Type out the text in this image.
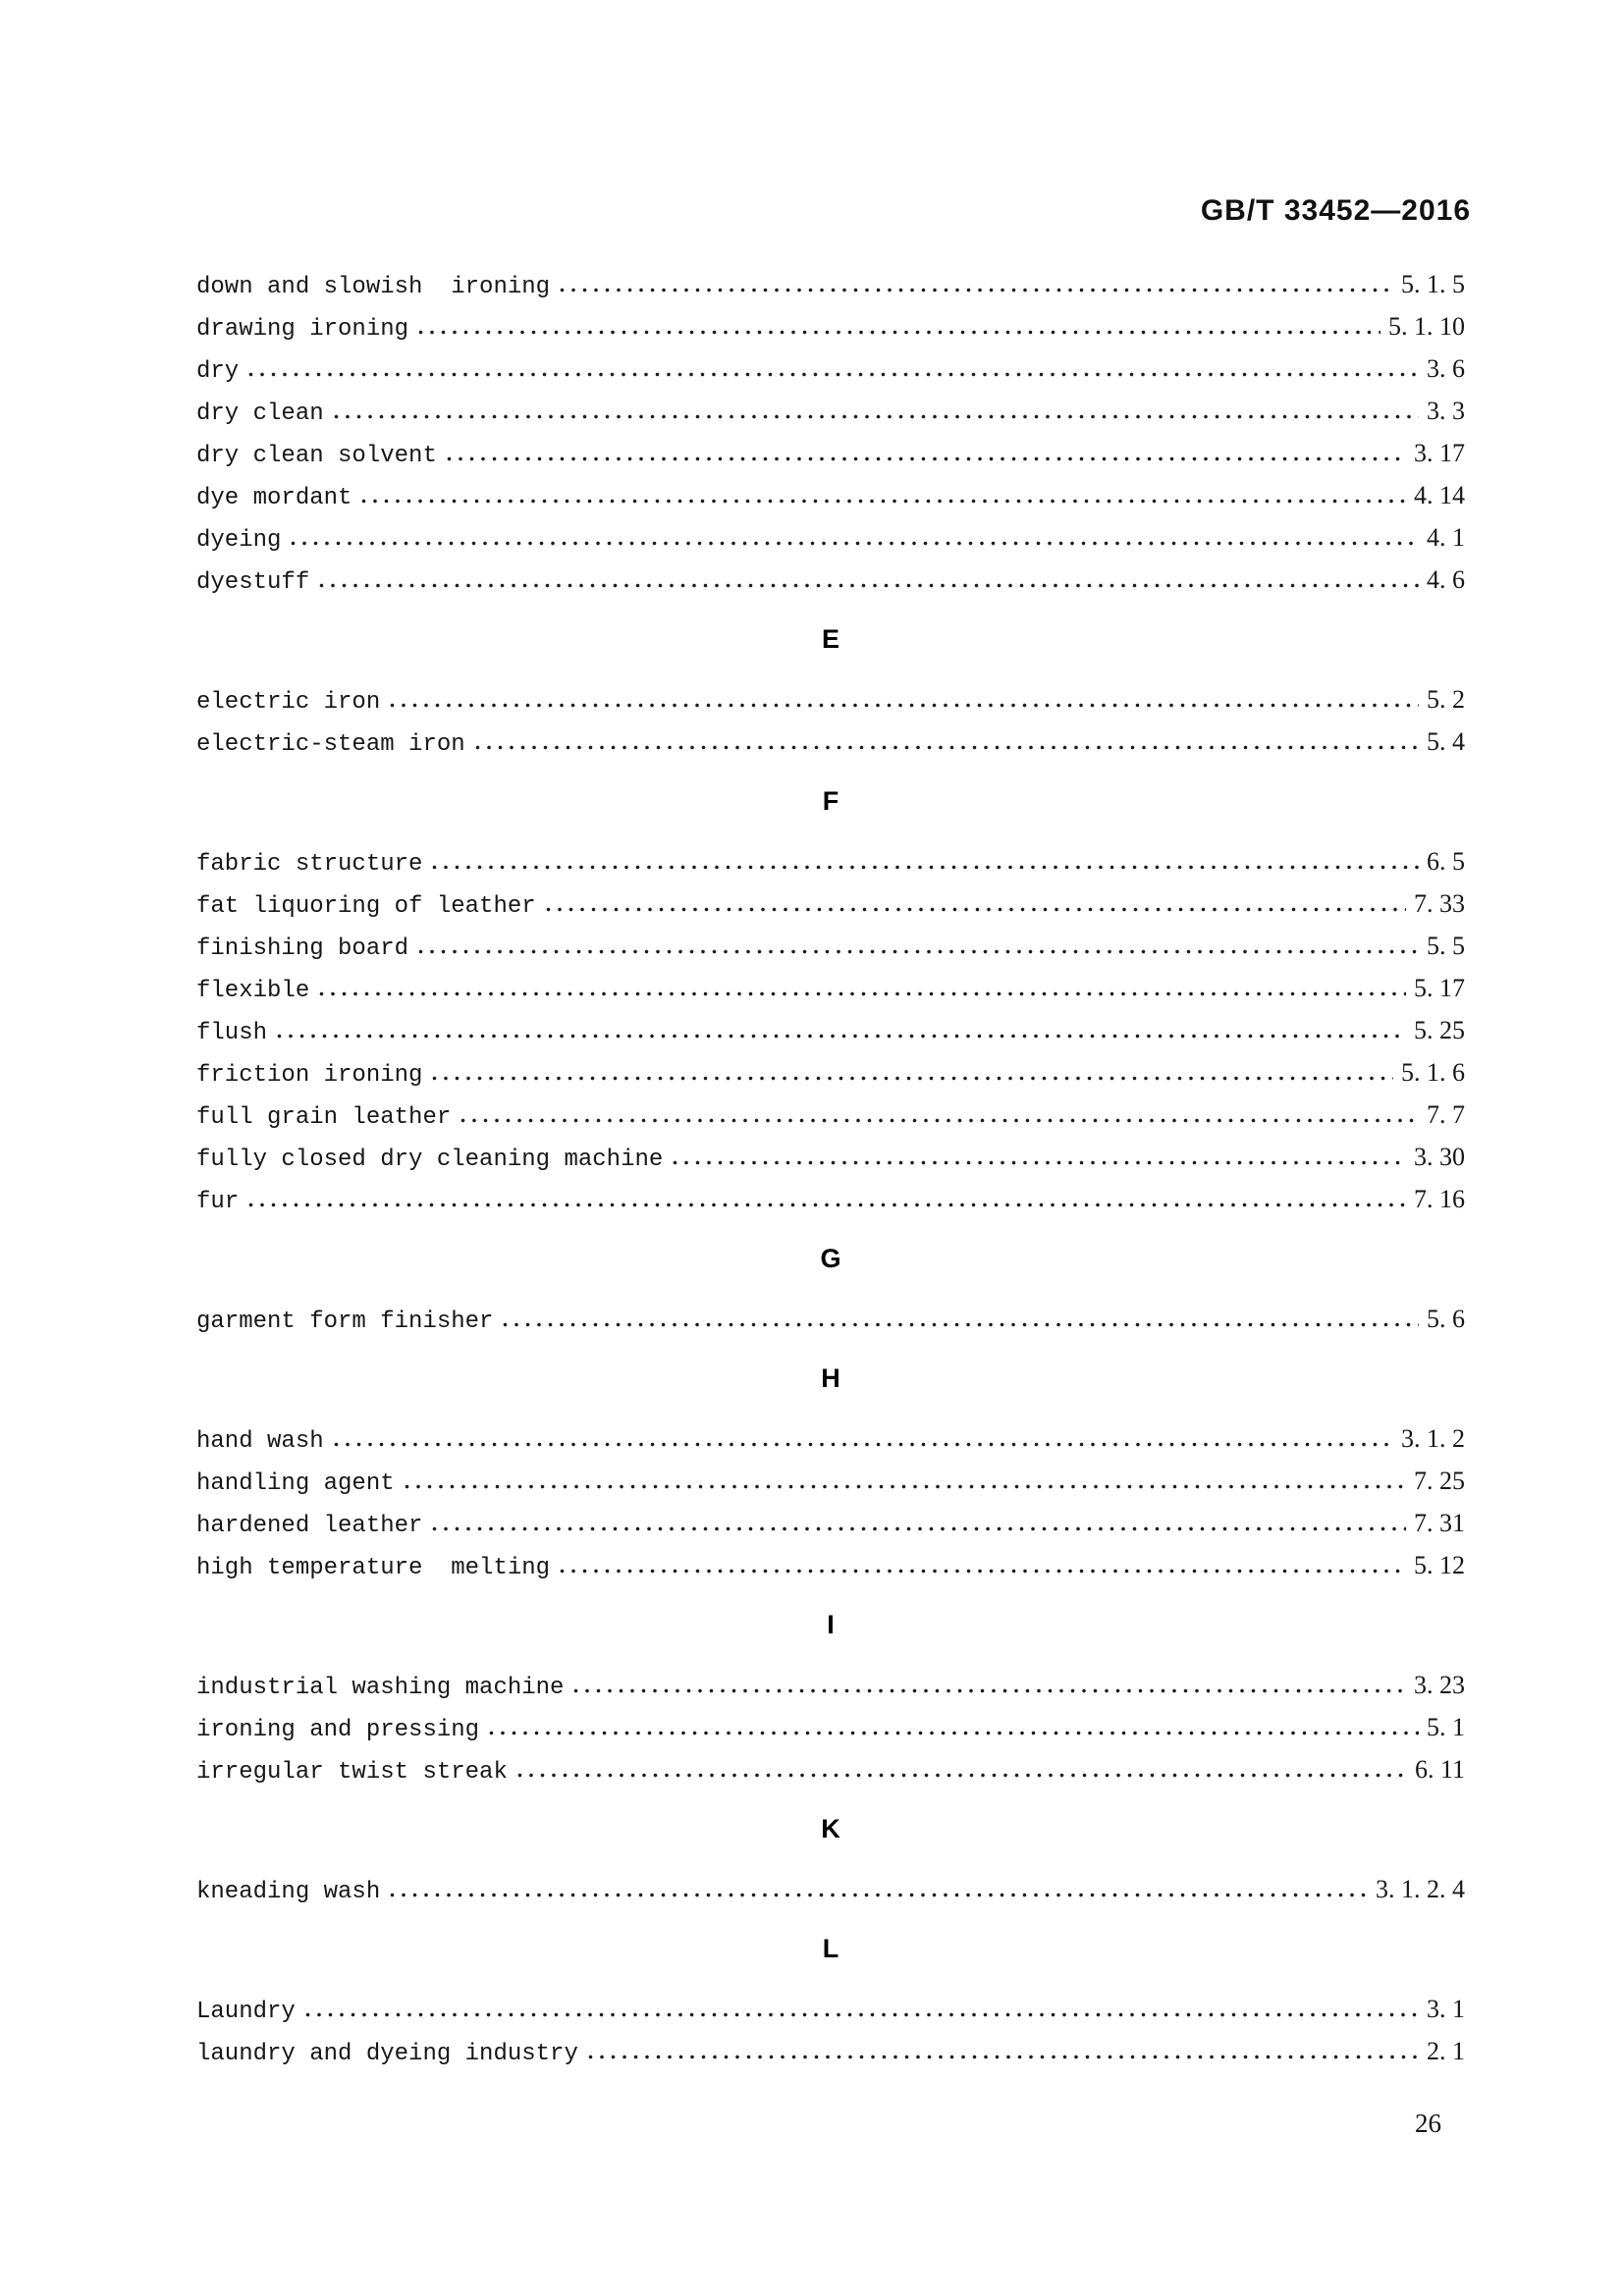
GB/T 33452—2016
down and slowish  ironing	5. 1. 5
drawing ironing	5. 1. 10
dry	3. 6
dry clean	3. 3
dry clean solvent	3. 17
dye mordant	4. 14
dyeing	4. 1
dyestuff	4. 6
E
electric iron	5. 2
electric-steam iron	5. 4
F
fabric structure	6. 5
fat liquoring of leather	7. 33
finishing board	5. 5
flexible	5. 17
flush	5. 25
friction ironing	5. 1. 6
full grain leather	7. 7
fully closed dry cleaning machine	3. 30
fur	7. 16
G
garment form finisher	5. 6
H
hand wash	3. 1. 2
handling agent	7. 25
hardened leather	7. 31
high temperature  melting	5. 12
I
industrial washing machine	3. 23
ironing and pressing	5. 1
irregular twist streak	6. 11
K
kneading wash	3. 1. 2. 4
L
Laundry	3. 1
laundry and dyeing industry	2. 1
26
